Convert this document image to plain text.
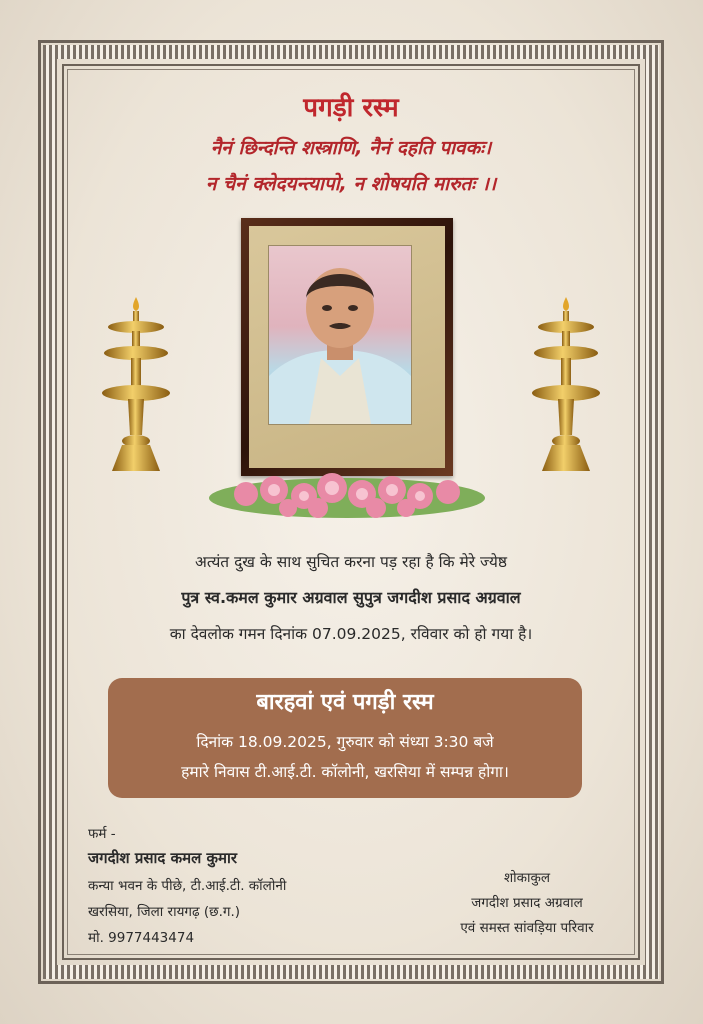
पगड़ी रस्म
नैनं छिन्दन्ति शस्त्राणि, नैनं दहति पावकः।
न चैनं क्लेदयन्त्यापो, न शोषयति मारुतः ।।
अत्यंत दुख के साथ सुचित करना पड़ रहा है कि मेरे ज्येष्ठ
पुत्र स्व.कमल कुमार अग्रवाल सुपुत्र जगदीश प्रसाद अग्रवाल
का देवलोक गमन दिनांक 07.09.2025, रविवार को हो गया है।
बारहवां एवं पगड़ी रस्म
दिनांक 18.09.2025, गुरुवार को संध्या 3:30 बजे
हमारे निवास टी.आई.टी. कॉलोनी, खरसिया में सम्पन्न होगा।
फर्म -
जगदीश प्रसाद कमल कुमार
कन्या भवन के पीछे, टी.आई.टी. कॉलोनी
खरसिया, जिला रायगढ़ (छ.ग.)
मो. 9977443474
शोकाकुल
जगदीश प्रसाद अग्रवाल
एवं समस्त सांवड़िया परिवार
